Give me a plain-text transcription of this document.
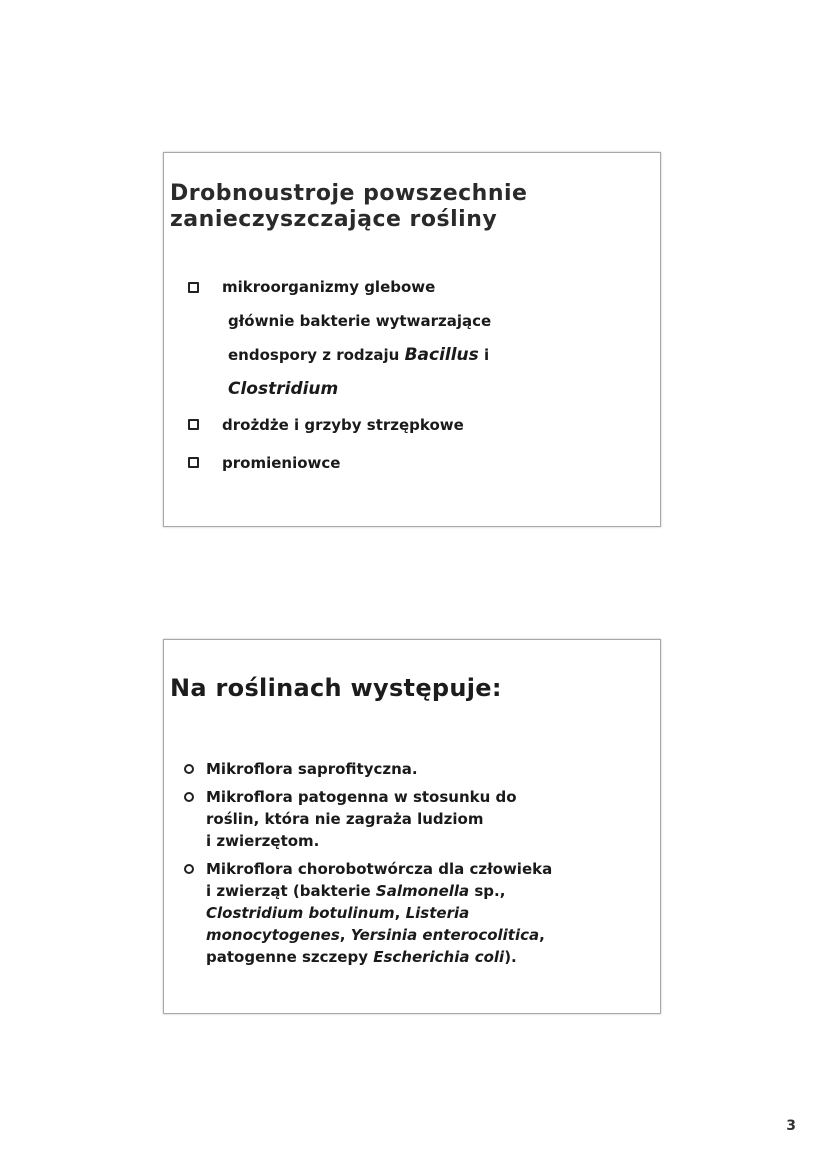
Drobnoustroje powszechnie
zanieczyszczające rośliny
mikroorganizmy glebowe
głównie bakterie wytwarzające
endospory z rodzaju Bacillus i
Clostridium
drożdże i grzyby strzępkowe
promieniowce
Na roślinach występuje:
Mikroflora saprofityczna.
Mikroflora patogenna w stosunku do
roślin, która nie zagraża ludziom
i zwierzętom.
Mikroflora chorobotwórcza dla człowieka
i zwierząt (bakterie Salmonella sp.,
Clostridium botulinum, Listeria
monocytogenes, Yersinia enterocolitica,
patogenne szczepy Escherichia coli).
3
